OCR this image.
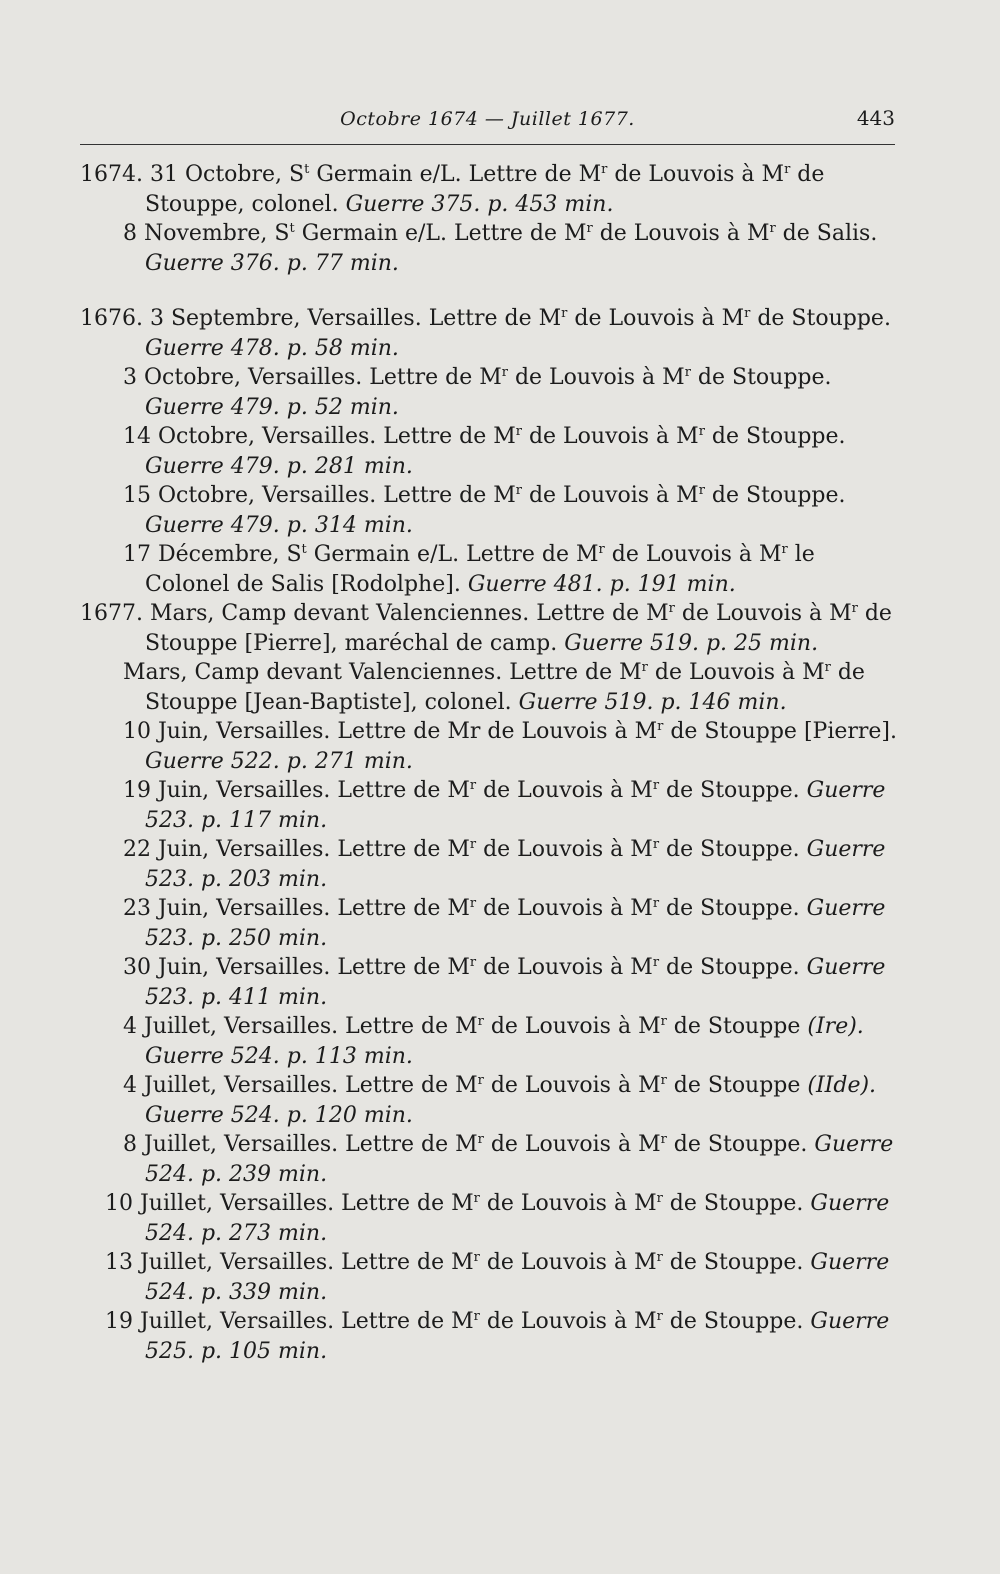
Octobre 1674 — Juillet 1677.	443

1674. 31 Octobre, $S^t$ Germain e/L. Lettre de $M^r$ de Louvois à $M^r$ de Stouppe, colonel. Guerre 375. p. 453 min.

8 Novembre, $S^t$ Germain e/L. Lettre de $M^r$ de Louvois à $M^r$ de Salis. Guerre 376. p. 77 min.

1676. 3 Septembre, Versailles. Lettre de $M^r$ de Louvois à $M^r$ de Stouppe. Guerre 478. p. 58 min.

3 Octobre, Versailles. Lettre de $M^r$ de Louvois à $M^r$ de Stouppe. Guerre 479. p. 52 min.

14 Octobre, Versailles. Lettre de $M^r$ de Louvois à $M^r$ de Stouppe. Guerre 479. p. 281 min.

15 Octobre, Versailles. Lettre de $M^r$ de Louvois à $M^r$ de Stouppe. Guerre 479. p. 314 min.

17 Décembre, $S^t$ Germain e/L. Lettre de $M^r$ de Louvois à $M^r$ le Colonel de Salis [Rodolphe]. Guerre 481. p. 191 min.

1677. Mars, Camp devant Valenciennes. Lettre de $M^r$ de Louvois à $M^r$ de Stouppe [Pierre], maréchal de camp. Guerre 519. p. 25 min.

Mars, Camp devant Valenciennes. Lettre de $M^r$ de Louvois à $M^r$ de Stouppe [Jean-Baptiste], colonel. Guerre 519. p. 146 min.

10 Juin, Versailles. Lettre de Mr de Louvois à $M^r$ de Stouppe [Pierre]. Guerre 522. p. 271 min.

19 Juin, Versailles. Lettre de $M^r$ de Louvois à $M^r$ de Stouppe. Guerre 523. p. 117 min.

22 Juin, Versailles. Lettre de $M^r$ de Louvois à $M^r$ de Stouppe. Guerre 523. p. 203 min.

23 Juin, Versailles. Lettre de $M^r$ de Louvois à $M^r$ de Stouppe. Guerre 523. p. 250 min.

30 Juin, Versailles. Lettre de $M^r$ de Louvois à $M^r$ de Stouppe. Guerre 523. p. 411 min.

4 Juillet, Versailles. Lettre de $M^r$ de Louvois à $M^r$ de Stouppe (Ire). Guerre 524. p. 113 min.

4 Juillet, Versailles. Lettre de $M^r$ de Louvois à $M^r$ de Stouppe (IIde). Guerre 524. p. 120 min.

8 Juillet, Versailles. Lettre de $M^r$ de Louvois à $M^r$ de Stouppe. Guerre 524. p. 239 min.

10 Juillet, Versailles. Lettre de $M^r$ de Louvois à $M^r$ de Stouppe. Guerre 524. p. 273 min.

13 Juillet, Versailles. Lettre de $M^r$ de Louvois à $M^r$ de Stouppe. Guerre 524. p. 339 min.

19 Juillet, Versailles. Lettre de $M^r$ de Louvois à $M^r$ de Stouppe. Guerre 525. p. 105 min.
